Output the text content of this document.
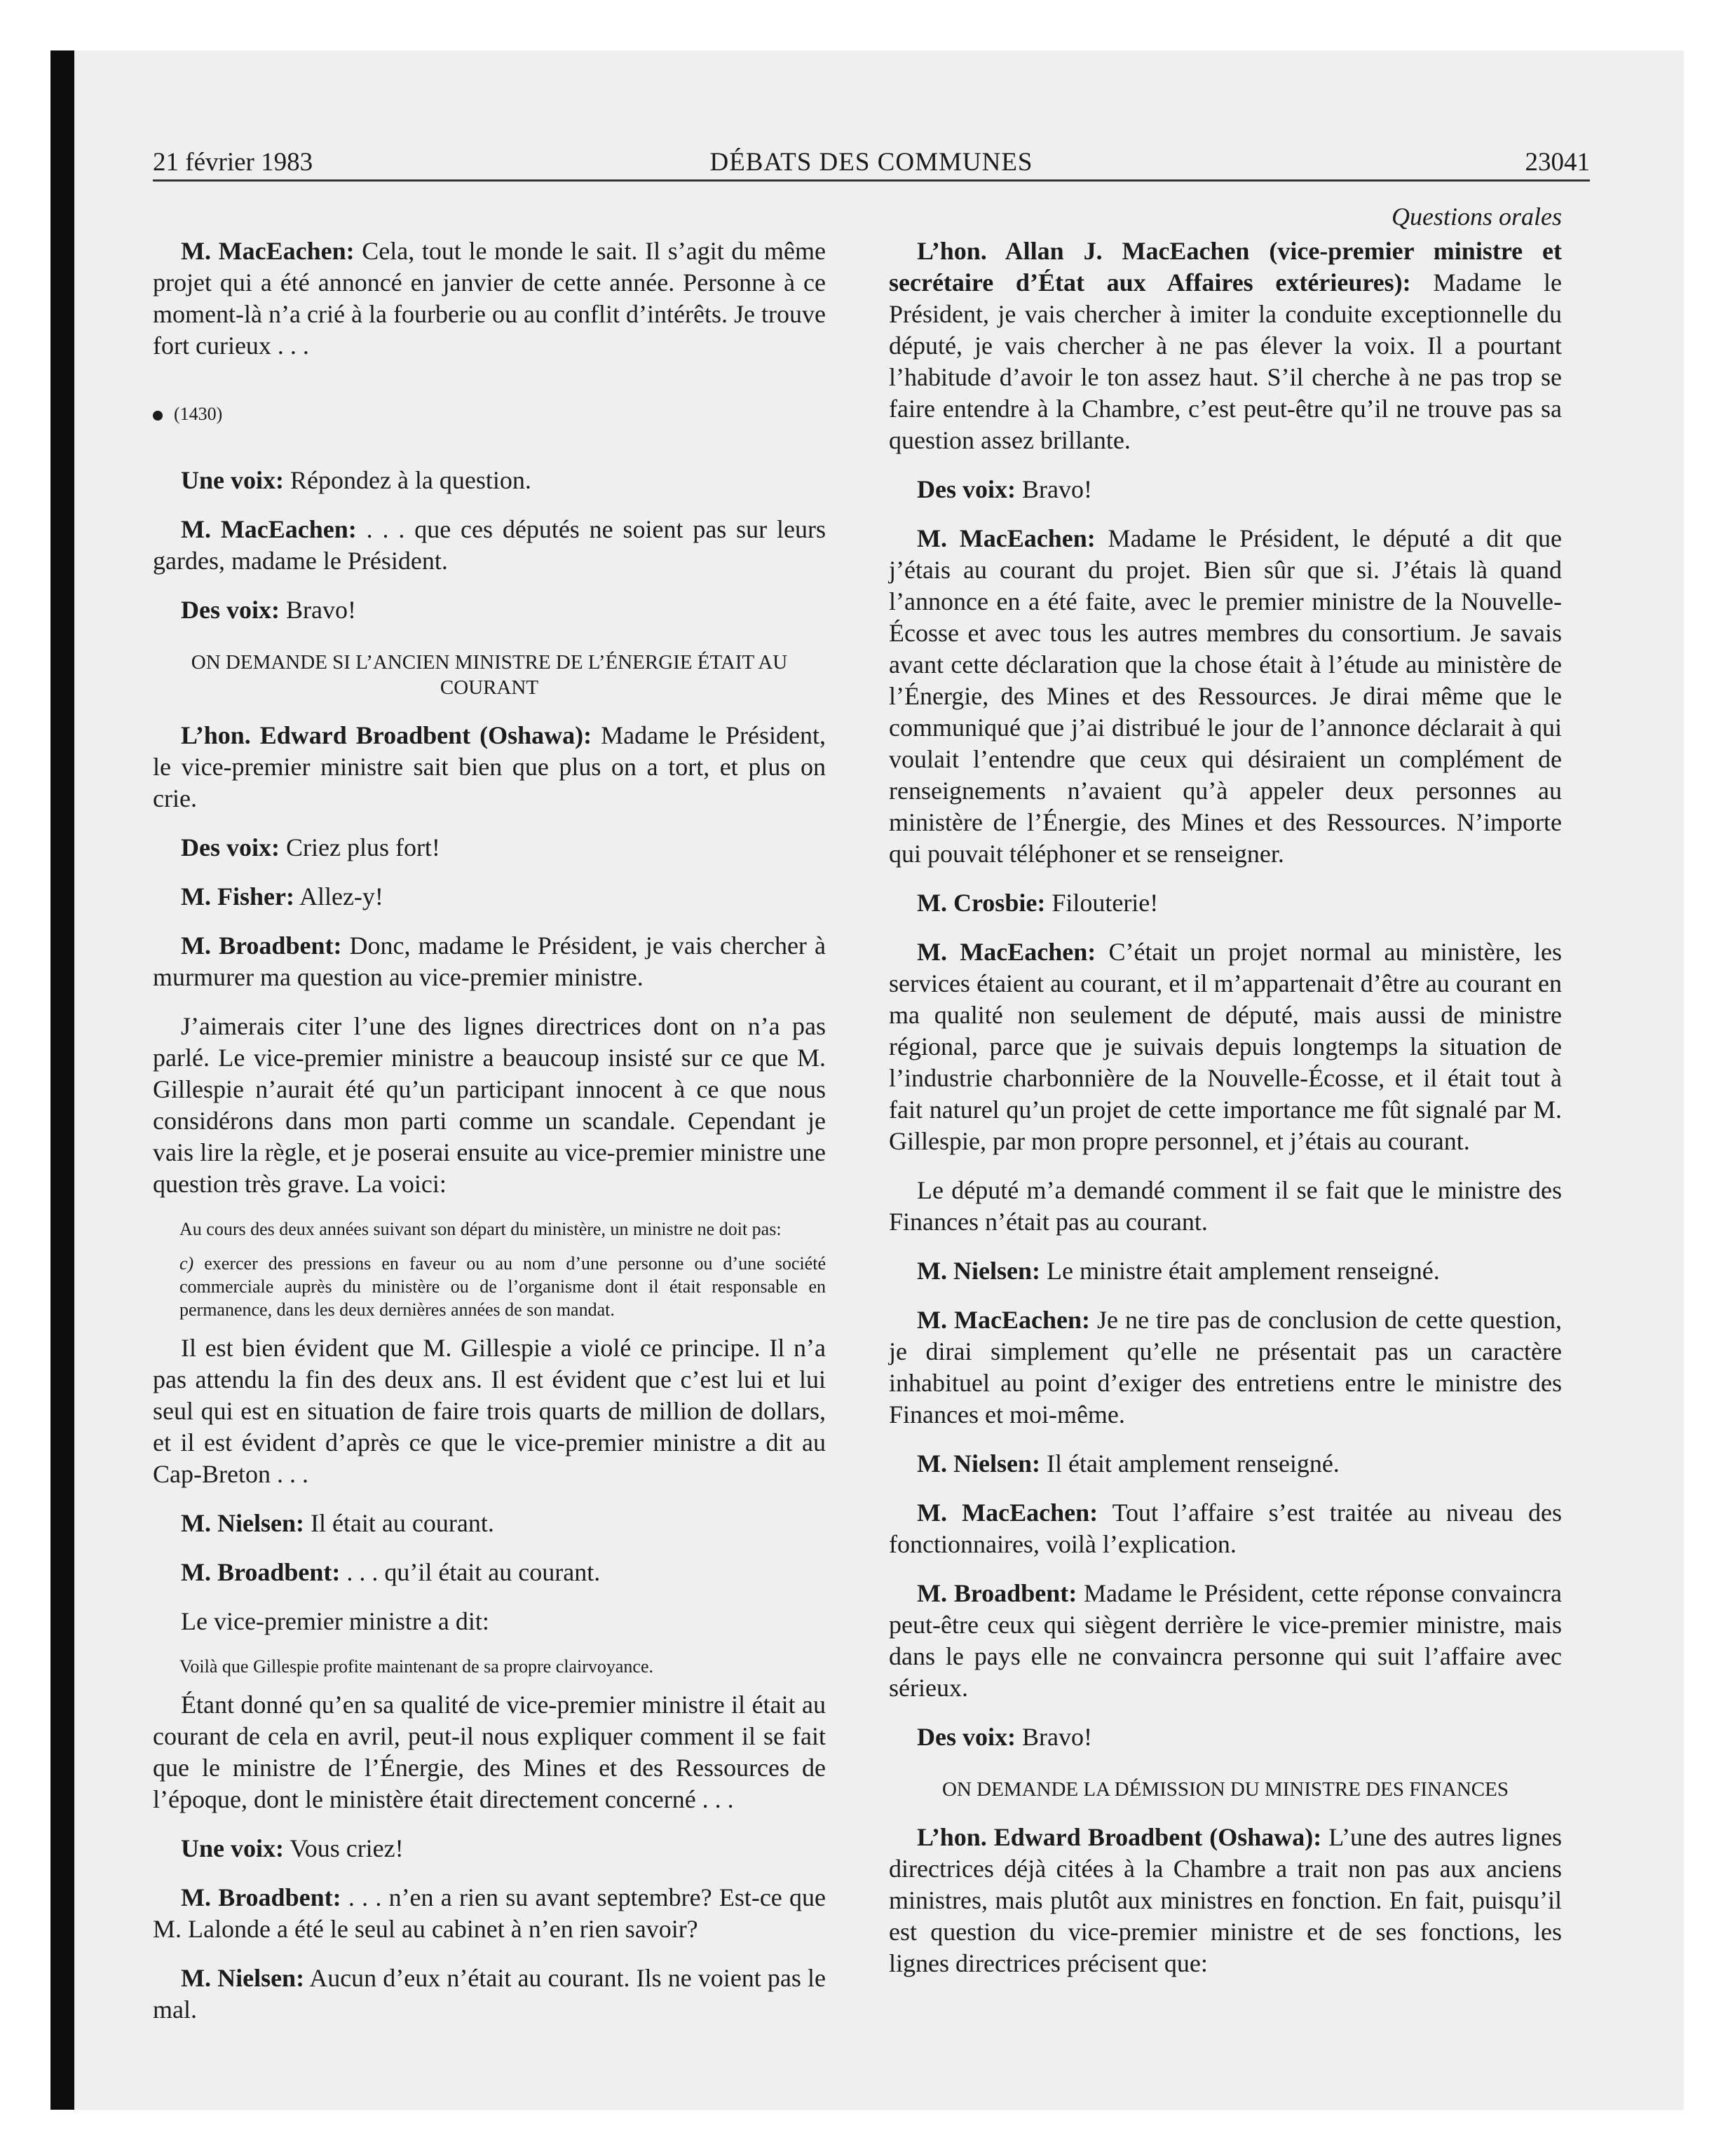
DÉBATS DES COMMUNES
21 février 1983	23041

M. MacEachen: Cela, tout le monde le sait. Il s’agit du même projet qui a été annoncé en janvier de cette année. Personne à ce moment-là n’a crié à la fourberie ou au conflit d’intérêts. Je trouve fort curieux . . .

(1430)

Une voix: Répondez à la question.

M. MacEachen: . . . que ces députés ne soient pas sur leurs gardes, madame le Président.

Des voix: Bravo!

ON DEMANDE SI L’ANCIEN MINISTRE DE L’ÉNERGIE ÉTAIT AU COURANT

L’hon. Edward Broadbent (Oshawa): Madame le Président, le vice-premier ministre sait bien que plus on a tort, et plus on crie.

Des voix: Criez plus fort!

M. Fisher: Allez-y!

M. Broadbent: Donc, madame le Président, je vais chercher à murmurer ma question au vice-premier ministre.

J’aimerais citer l’une des lignes directrices dont on n’a pas parlé. Le vice-premier ministre a beaucoup insisté sur ce que M. Gillespie n’aurait été qu’un participant innocent à ce que nous considérons dans mon parti comme un scandale. Cependant je vais lire la règle, et je poserai ensuite au vice-premier ministre une question très grave. La voici:

Au cours des deux années suivant son départ du ministère, un ministre ne doit pas:

c) exercer des pressions en faveur ou au nom d’une personne ou d’une société commerciale auprès du ministère ou de l’organisme dont il était responsable en permanence, dans les deux dernières années de son mandat.

Il est bien évident que M. Gillespie a violé ce principe. Il n’a pas attendu la fin des deux ans. Il est évident que c’est lui et lui seul qui est en situation de faire trois quarts de million de dollars, et il est évident d’après ce que le vice-premier ministre a dit au Cap-Breton . . .

M. Nielsen: Il était au courant.

M. Broadbent: . . . qu’il était au courant.

Le vice-premier ministre a dit:

Voilà que Gillespie profite maintenant de sa propre clairvoyance.

Étant donné qu’en sa qualité de vice-premier ministre il était au courant de cela en avril, peut-il nous expliquer comment il se fait que le ministre de l’Énergie, des Mines et des Ressources de l’époque, dont le ministère était directement concerné . . .

Une voix: Vous criez!

M. Broadbent: . . . n’en a rien su avant septembre? Est-ce que M. Lalonde a été le seul au cabinet à n’en rien savoir?

M. Nielsen: Aucun d’eux n’était au courant. Ils ne voient pas le mal.

Questions orales

L’hon. Allan J. MacEachen (vice-premier ministre et secrétaire d’État aux Affaires extérieures): Madame le Président, je vais chercher à imiter la conduite exceptionnelle du député, je vais chercher à ne pas élever la voix. Il a pourtant l’habitude d’avoir le ton assez haut. S’il cherche à ne pas trop se faire entendre à la Chambre, c’est peut-être qu’il ne trouve pas sa question assez brillante.

Des voix: Bravo!

M. MacEachen: Madame le Président, le député a dit que j’étais au courant du projet. Bien sûr que si. J’étais là quand l’annonce en a été faite, avec le premier ministre de la Nouvelle-Écosse et avec tous les autres membres du consortium. Je savais avant cette déclaration que la chose était à l’étude au ministère de l’Énergie, des Mines et des Ressources. Je dirai même que le communiqué que j’ai distribué le jour de l’annonce déclarait à qui voulait l’entendre que ceux qui désiraient un complément de renseignements n’avaient qu’à appeler deux personnes au ministère de l’Énergie, des Mines et des Ressources. N’importe qui pouvait téléphoner et se renseigner.

M. Crosbie: Filouterie!

M. MacEachen: C’était un projet normal au ministère, les services étaient au courant, et il m’appartenait d’être au courant en ma qualité non seulement de député, mais aussi de ministre régional, parce que je suivais depuis longtemps la situation de l’industrie charbonnière de la Nouvelle-Écosse, et il était tout à fait naturel qu’un projet de cette importance me fût signalé par M. Gillespie, par mon propre personnel, et j’étais au courant.

Le député m’a demandé comment il se fait que le ministre des Finances n’était pas au courant.

M. Nielsen: Le ministre était amplement renseigné.

M. MacEachen: Je ne tire pas de conclusion de cette question, je dirai simplement qu’elle ne présentait pas un caractère inhabituel au point d’exiger des entretiens entre le ministre des Finances et moi-même.

M. Nielsen: Il était amplement renseigné.

M. MacEachen: Tout l’affaire s’est traitée au niveau des fonctionnaires, voilà l’explication.

M. Broadbent: Madame le Président, cette réponse convaincra peut-être ceux qui siègent derrière le vice-premier ministre, mais dans le pays elle ne convaincra personne qui suit l’affaire avec sérieux.

Des voix: Bravo!

ON DEMANDE LA DÉMISSION DU MINISTRE DES FINANCES

L’hon. Edward Broadbent (Oshawa): L’une des autres lignes directrices déjà citées à la Chambre a trait non pas aux anciens ministres, mais plutôt aux ministres en fonction. En fait, puisqu’il est question du vice-premier ministre et de ses fonctions, les lignes directrices précisent que:
